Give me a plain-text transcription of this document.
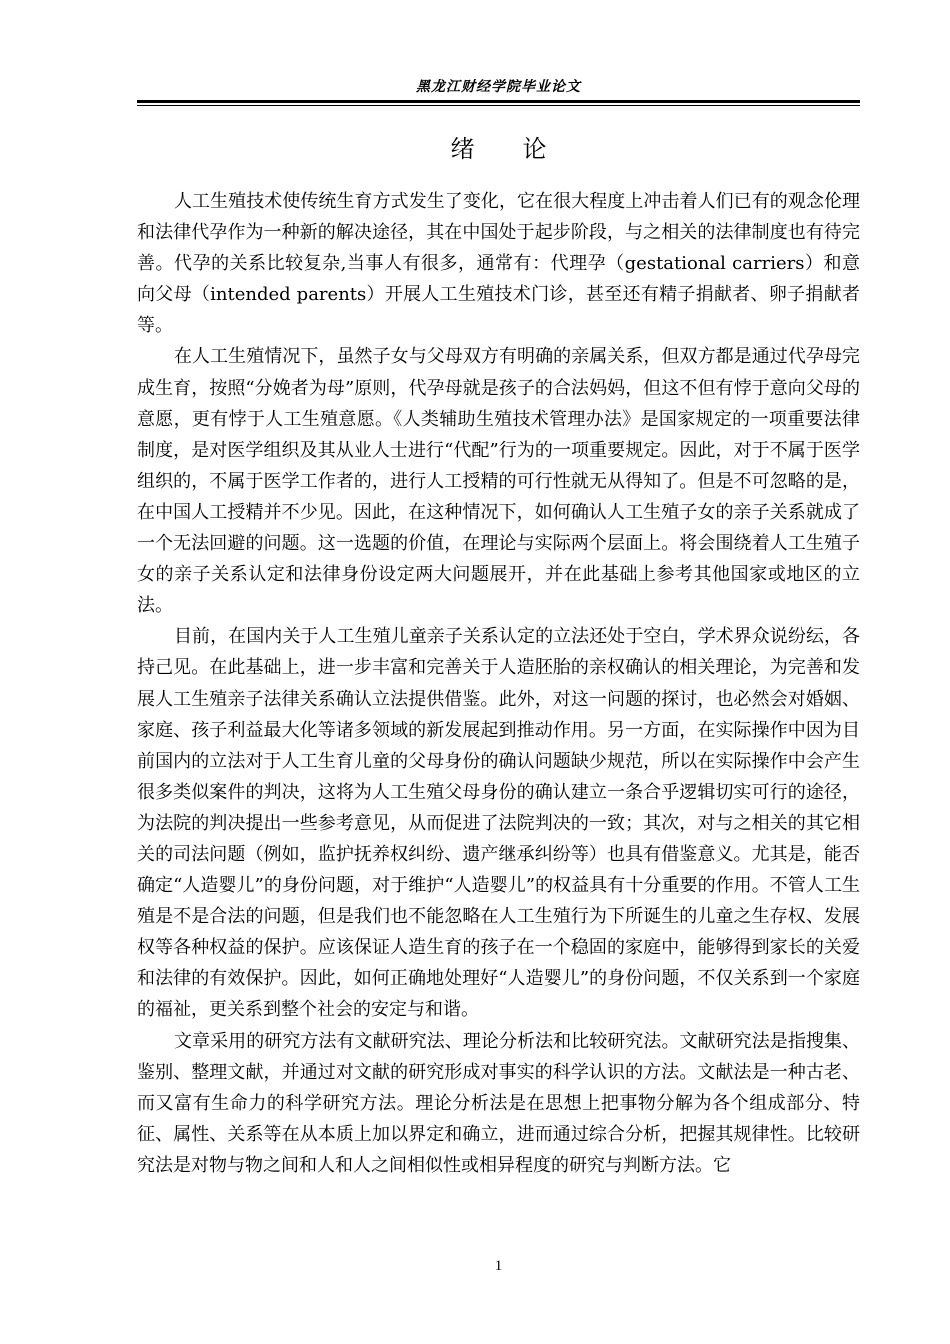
黑龙江财经学院毕业论文
绪论

人工生殖技术使传统生育方式发生了变化，它在很大程度上冲击着人们已有的观念伦理和法律代孕作为一种新的解决途径，其在中国处于起步阶段，与之相关的法律制度也有待完善。代孕的关系比较复杂,当事人有很多，通常有：代理孕（gestational carriers）和意向父母（intended parents）开展人工生殖技术门诊，甚至还有精子捐献者、卵子捐献者等。

在人工生殖情况下，虽然子女与父母双方有明确的亲属关系，但双方都是通过代孕母完成生育，按照“分娩者为母”原则，代孕母就是孩子的合法妈妈，但这不但有悖于意向父母的意愿，更有悖于人工生殖意愿。《人类辅助生殖技术管理办法》是国家规定的一项重要法律制度，是对医学组织及其从业人士进行“代配”行为的一项重要规定。因此，对于不属于医学组织的，不属于医学工作者的，进行人工授精的可行性就无从得知了。但是不可忽略的是，在中国人工授精并不少见。因此，在这种情况下，如何确认人工生殖子女的亲子关系就成了一个无法回避的问题。这一选题的价值，在理论与实际两个层面上。将会围绕着人工生殖子女的亲子关系认定和法律身份设定两大问题展开，并在此基础上参考其他国家或地区的立法。

目前，在国内关于人工生殖儿童亲子关系认定的立法还处于空白，学术界众说纷纭，各持己见。在此基础上，进一步丰富和完善关于人造胚胎的亲权确认的相关理论，为完善和发展人工生殖亲子法律关系确认立法提供借鉴。此外，对这一问题的探讨，也必然会对婚姻、家庭、孩子利益最大化等诸多领域的新发展起到推动作用。另一方面，在实际操作中因为目前国内的立法对于人工生育儿童的父母身份的确认问题缺少规范，所以在实际操作中会产生很多类似案件的判决，这将为人工生殖父母身份的确认建立一条合乎逻辑切实可行的途径，为法院的判决提出一些参考意见，从而促进了法院判决的一致；其次，对与之相关的其它相关的司法问题（例如，监护抚养权纠纷、遗产继承纠纷等）也具有借鉴意义。尤其是，能否确定“人造婴儿”的身份问题，对于维护“人造婴儿”的权益具有十分重要的作用。不管人工生殖是不是合法的问题，但是我们也不能忽略在人工生殖行为下所诞生的儿童之生存权、发展权等各种权益的保护。应该保证人造生育的孩子在一个稳固的家庭中，能够得到家长的关爱和法律的有效保护。因此，如何正确地处理好“人造婴儿”的身份问题，不仅关系到一个家庭的福祉，更关系到整个社会的安定与和谐。

文章采用的研究方法有文献研究法、理论分析法和比较研究法。文献研究法是指搜集、鉴别、整理文献，并通过对文献的研究形成对事实的科学认识的方法。文献法是一种古老、而又富有生命力的科学研究方法。理论分析法是在思想上把事物分解为各个组成部分、特征、属性、关系等在从本质上加以界定和确立，进而通过综合分析，把握其规律性。比较研究法是对物与物之间和人和人之间相似性或相异程度的研究与判断方法。它

1
